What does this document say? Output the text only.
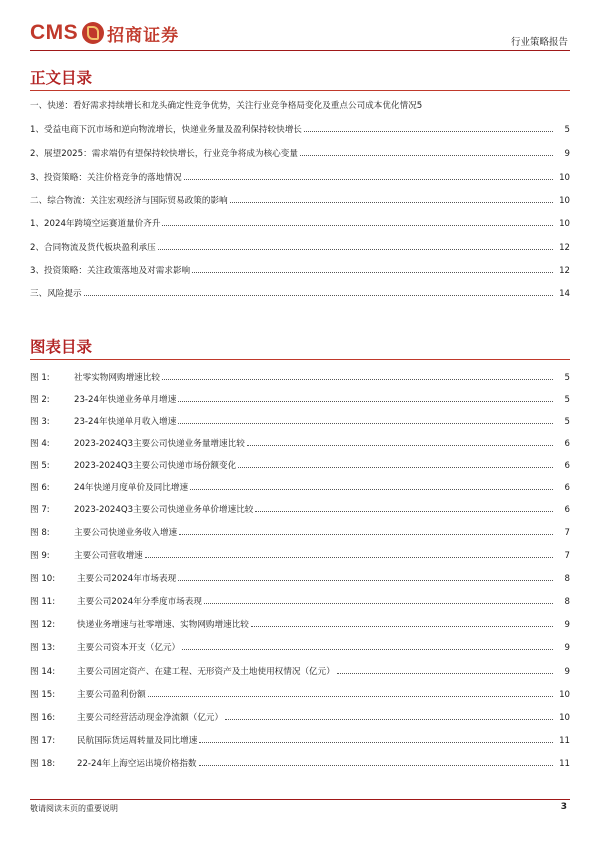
CMS 招商证券	行业策略报告
正文目录
一、快递：看好需求持续增长和龙头确定性竞争优势，关注行业竞争格局变化及重点公司成本优化情况 5
1、受益电商下沉市场和逆向物流增长，快递业务量及盈利保持较快增长	5
2、展望2025：需求端仍有望保持较快增长，行业竞争将成为核心变量	9
3、投资策略：关注价格竞争的落地情况	10
二、综合物流：关注宏观经济与国际贸易政策的影响	10
1、2024年跨境空运赛道量价齐升	10
2、合同物流及货代板块盈利承压	12
3、投资策略：关注政策落地及对需求影响	12
三、风险提示	14
图表目录
图 1:	社零实物网购增速比较	5
图 2:	23-24年快递业务单月增速	5
图 3:	23-24年快递单月收入增速	5
图 4:	2023-2024Q3主要公司快递业务量增速比较	6
图 5:	2023-2024Q3主要公司快递市场份额变化	6
图 6:	24年快递月度单价及同比增速	6
图 7:	2023-2024Q3主要公司快递业务单价增速比较	6
图 8:	主要公司快递业务收入增速	7
图 9:	主要公司营收增速	7
图 10:	主要公司2024年市场表现	8
图 11:	主要公司2024年分季度市场表现	8
图 12:	快递业务增速与社零增速、实物网购增速比较	9
图 13:	主要公司资本开支（亿元）	9
图 14:	主要公司固定资产、在建工程、无形资产及土地使用权情况（亿元）	9
图 15:	主要公司盈利份额	10
图 16:	主要公司经营活动现金净流额（亿元）	10
图 17:	民航国际货运周转量及同比增速	11
图 18:	22-24年上海空运出境价格指数	11
敬请阅读末页的重要说明	3
